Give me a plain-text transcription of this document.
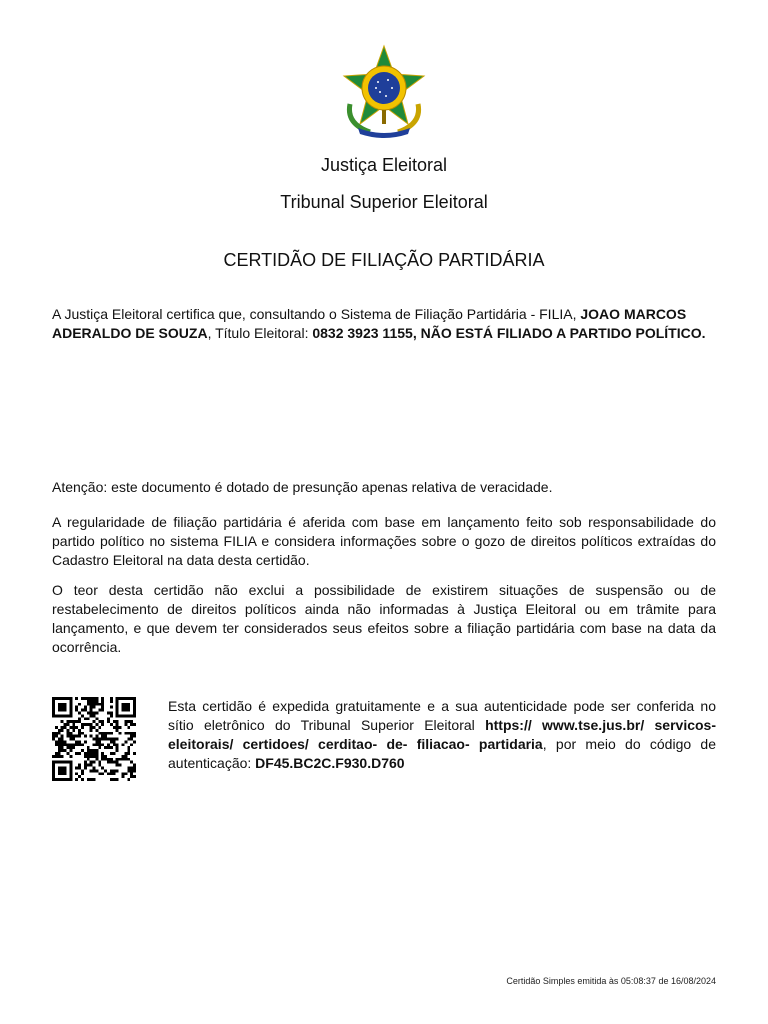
Justiça Eleitoral
Tribunal Superior Eleitoral
CERTIDÃO DE FILIAÇÃO PARTIDÁRIA
A Justiça Eleitoral certifica que, consultando o Sistema de Filiação Partidária - FILIA, JOAO MARCOS ADERALDO DE SOUZA, Título Eleitoral: 0832 3923 1155, NÃO ESTÁ FILIADO A PARTIDO POLÍTICO.
Atenção: este documento é dotado de presunção apenas relativa de veracidade.
A regularidade de filiação partidária é aferida com base em lançamento feito sob responsabilidade do partido político no sistema FILIA e considera informações sobre o gozo de direitos políticos extraídas do Cadastro Eleitoral na data desta certidão.
O teor desta certidão não exclui a possibilidade de existirem situações de suspensão ou de restabelecimento de direitos políticos ainda não informadas à Justiça Eleitoral ou em trâmite para lançamento, e que devem ter considerados seus efeitos sobre a filiação partidária com base na data da ocorrência.
Esta certidão é expedida gratuitamente e a sua autenticidade pode ser conferida no sítio eletrônico do Tribunal Superior Eleitoral https:// www.tse.jus.br/ servicos- eleitorais/ certidoes/ cerditao- de- filiacao- partidaria, por meio do código de autenticação: DF45.BC2C.F930.D760
Certidão Simples emitida às 05:08:37 de 16/08/2024
